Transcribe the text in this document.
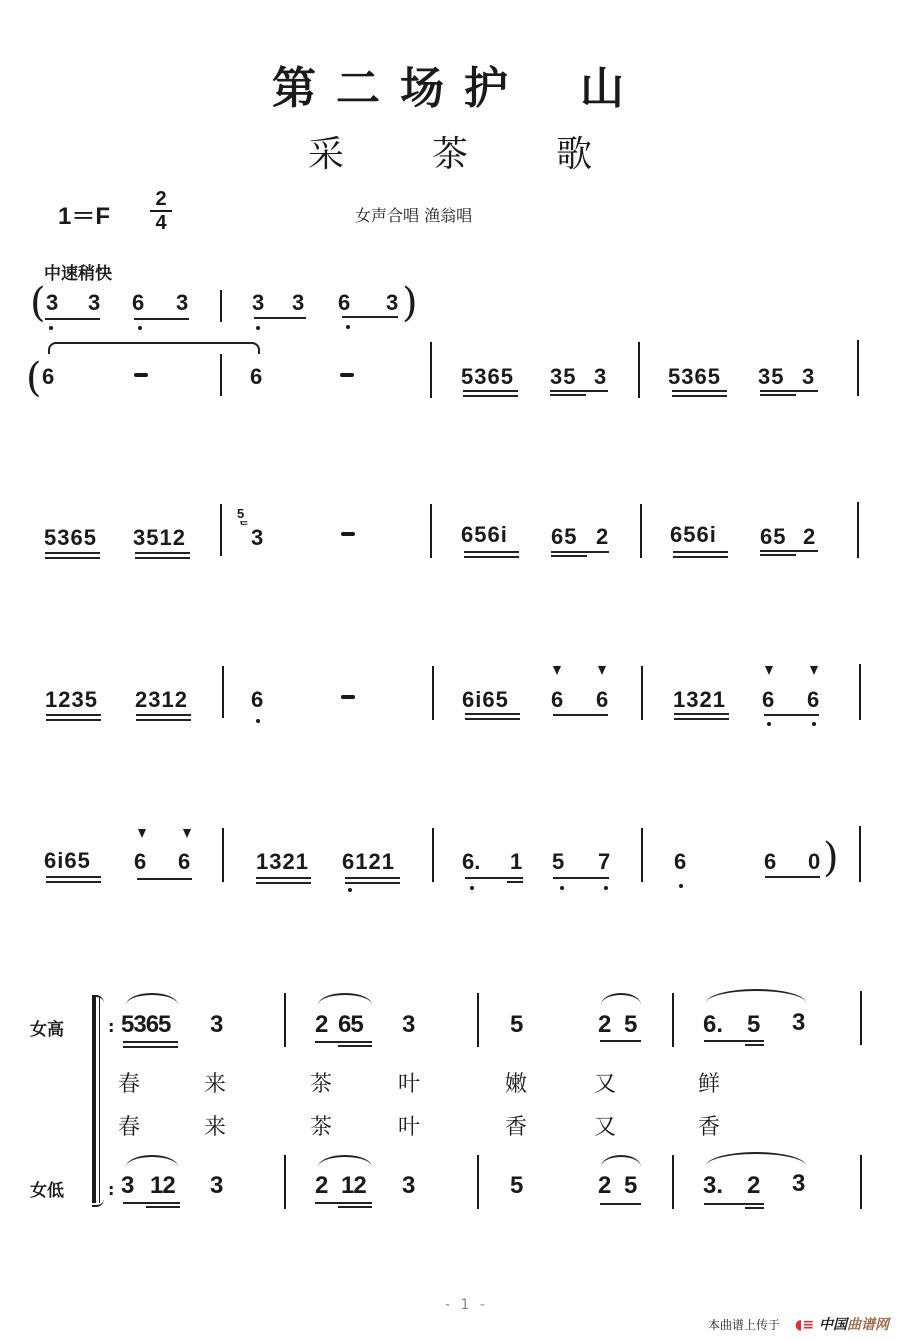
第 二 场 护 山
采 茶 歌
1＝F
2
4	女声合唱 渔翁唱
中速稍快
( 3 3 6 3	3 3 6 3 )
( 6	6	5365 35 3	5365 35 3
5365 3512
5
ᄃ 3	656i 65 2	656i 65 2
1235 2312	6	6i65 6 6	1321 6 6
6i65 6 6	1321 6121	6. 1 5 7	6	6 0 )
女高
女低
:
:
5365 3	2 65 3	5	2 5	6. 5 3
春	来	茶	叶	嫩	又	鲜
春	来	茶	叶	香	又	香
3 12 3	2 12 3	5	2 5	3. 2 3
- 1 -
本曲谱上传于 ◖≡ 中国曲谱网
